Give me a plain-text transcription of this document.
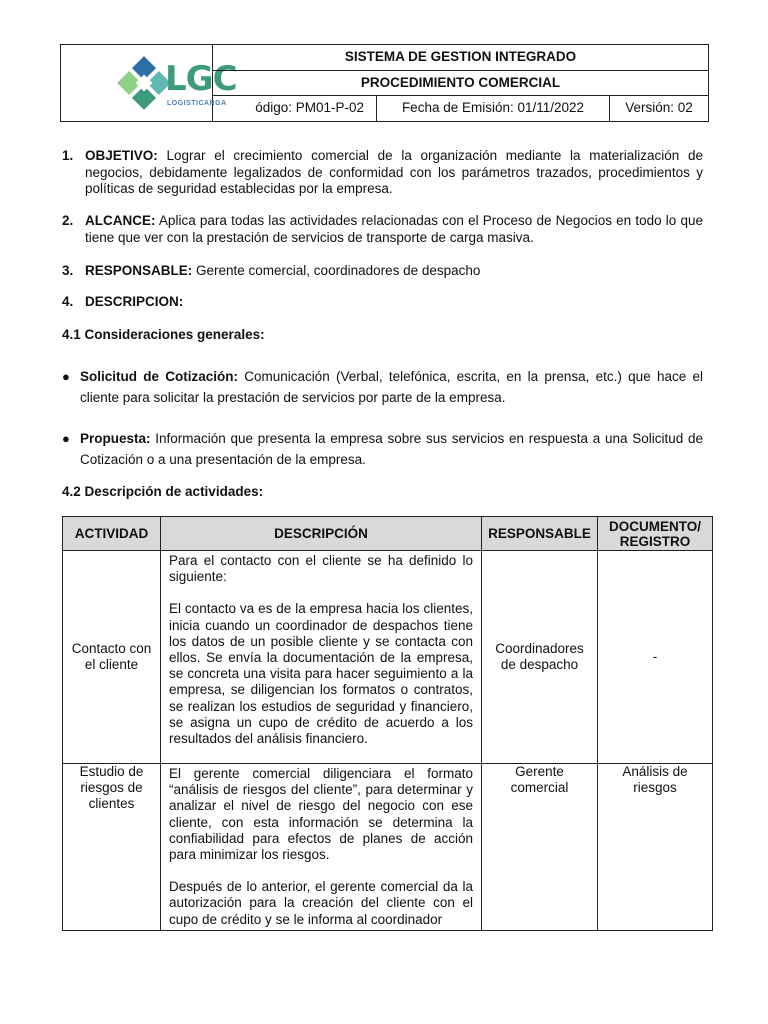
LGC
LOGISTICARGA
SISTEMA DE GESTION INTEGRADO
PROCEDIMIENTO COMERCIAL
ódigo: PM01-P-02	Fecha de Emisión: 01/11/2022	Versión: 02
1. OBJETIVO: Lograr el crecimiento comercial de la organización mediante la materialización de negocios, debidamente legalizados de conformidad con los parámetros trazados, procedimientos y políticas de seguridad establecidas por la empresa.
2. ALCANCE: Aplica para todas las actividades relacionadas con el Proceso de Negocios en todo lo que tiene que ver con la prestación de servicios de transporte de carga masiva.
3. RESPONSABLE: Gerente comercial, coordinadores de despacho
4. DESCRIPCION:
4.1 Consideraciones generales:
● Solicitud de Cotización: Comunicación (Verbal, telefónica, escrita, en la prensa, etc.) que hace el cliente para solicitar la prestación de servicios por parte de la empresa.
● Propuesta: Información que presenta la empresa sobre sus servicios en respuesta a una Solicitud de Cotización o a una presentación de la empresa.
4.2 Descripción de actividades:
ACTIVIDAD	DESCRIPCIÓN	RESPONSABLE	DOCUMENTO/ REGISTRO
Contacto con el cliente	Para el contacto con el cliente se ha definido lo siguiente:
El contacto va es de la empresa hacia los clientes, inicia cuando un coordinador de despachos tiene los datos de un posible cliente y se contacta con ellos. Se envía la documentación de la empresa, se concreta una visita para hacer seguimiento a la empresa, se diligencian los formatos o contratos, se realizan los estudios de seguridad y financiero, se asigna un cupo de crédito de acuerdo a los resultados del análisis financiero.	Coordinadores de despacho	-
Estudio de riesgos de clientes	El gerente comercial diligenciara el formato “análisis de riesgos del cliente”, para determinar y analizar el nivel de riesgo del negocio con ese cliente, con esta información se determina la confiabilidad para efectos de planes de acción para minimizar los riesgos.
Después de lo anterior, el gerente comercial da la autorización para la creación del cliente con el cupo de crédito y se le informa al coordinador	Gerente comercial	Análisis de riesgos
